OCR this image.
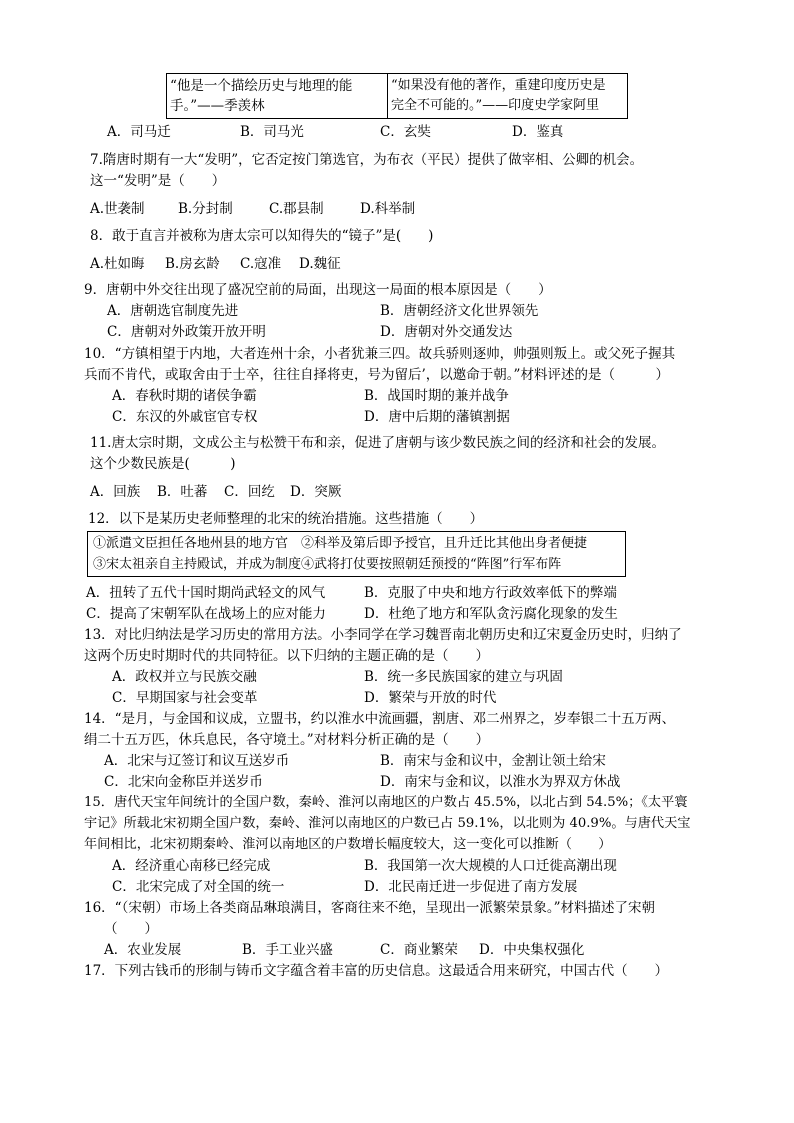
“他是一个描绘历史与地理的能
手。”——季羡林
“如果没有他的著作，重建印度历史是
完全不可能的。”——印度史学家阿里
A．司马迁	B．司马光	C．玄奘	D．鉴真
7.隋唐时期有一大“发明”，它否定按门第选官，为布衣（平民）提供了做宰相、公卿的机会。
这一“发明”是（　　）
A.世袭制 B.分封制	C.郡县制	D.科举制
8．敢于直言并被称为唐太宗可以知得失的“镜子”是(　　)
A.杜如晦 B.房玄龄 C.寇准 D.魏征
9．唐朝中外交往出现了盛况空前的局面，出现这一局面的根本原因是（　　）
A．唐朝选官制度先进	B．唐朝经济文化世界领先
C．唐朝对外政策开放开明	D．唐朝对外交通发达
10．“方镇相望于内地，大者连州十余，小者犹兼三四。故兵骄则逐帅，帅强则叛上。或父死子握其
兵而不肯代，或取舍由于士卒，往往自择将吏，号为留后’，以邀命于朝。”材料评述的是（　　　）
A．春秋时期的诸侯争霸	B．战国时期的兼并战争
C．东汉的外戚宦官专权	D．唐中后期的藩镇割据
11.唐太宗时期，文成公主与松赞干布和亲，促进了唐朝与该少数民族之间的经济和社会的发展。
这个少数民族是(　　　)
A．回族 B．吐蕃 C．回纥 D．突厥
12．以下是某历史老师整理的北宋的统治措施。这些措施（　　）
①派遣文臣担任各地州县的地方官　②科举及第后即予授官，且升迁比其他出身者便捷
③宋太祖亲自主持殿试，并成为制度④武将打仗要按照朝廷预授的“阵图”行军布阵
A．扭转了五代十国时期尚武轻文的风气	B．克服了中央和地方行政效率低下的弊端
C．提高了宋朝军队在战场上的应对能力	D．杜绝了地方和军队贪污腐化现象的发生
13．对比归纳法是学习历史的常用方法。小李同学在学习魏晋南北朝历史和辽宋夏金历史时，归纳了
这两个历史时期时代的共同特征。以下归纳的主题正确的是（　　）
A．政权并立与民族交融	B．统一多民族国家的建立与巩固
C．早期国家与社会变革	D．繁荣与开放的时代
14．“是月，与金国和议成，立盟书，约以淮水中流画疆，割唐、邓二州界之，岁奉银二十五万两、
绢二十五万匹，休兵息民，各守境土。”对材料分析正确的是（　　）
A．北宋与辽签订和议互送岁币	B．南宋与金和议中，金割让领土给宋
C．北宋向金称臣并送岁币	D．南宋与金和议，以淮水为界双方休战
15．唐代天宝年间统计的全国户数，秦岭、淮河以南地区的户数占 45.5%，以北占到 54.5%；《太平寰
宇记》所载北宋初期全国户数，秦岭、淮河以南地区的户数已占 59.1%，以北则为 40.9%。与唐代天宝
年间相比，北宋初期秦岭、淮河以南地区的户数增长幅度较大，这一变化可以推断（　　）
A．经济重心南移已经完成	B．我国第一次大规模的人口迁徙高潮出现
C．北宋完成了对全国的统一	D．北民南迁进一步促进了南方发展
16．“（宋朝）市场上各类商品琳琅满目，客商往来不绝，呈现出一派繁荣景象。”材料描述了宋朝
（　　）
A．农业发展	B．手工业兴盛	C．商业繁荣 D．中央集权强化
17．下列古钱币的形制与铸币文字蕴含着丰富的历史信息。这最适合用来研究，中国古代（　　）
